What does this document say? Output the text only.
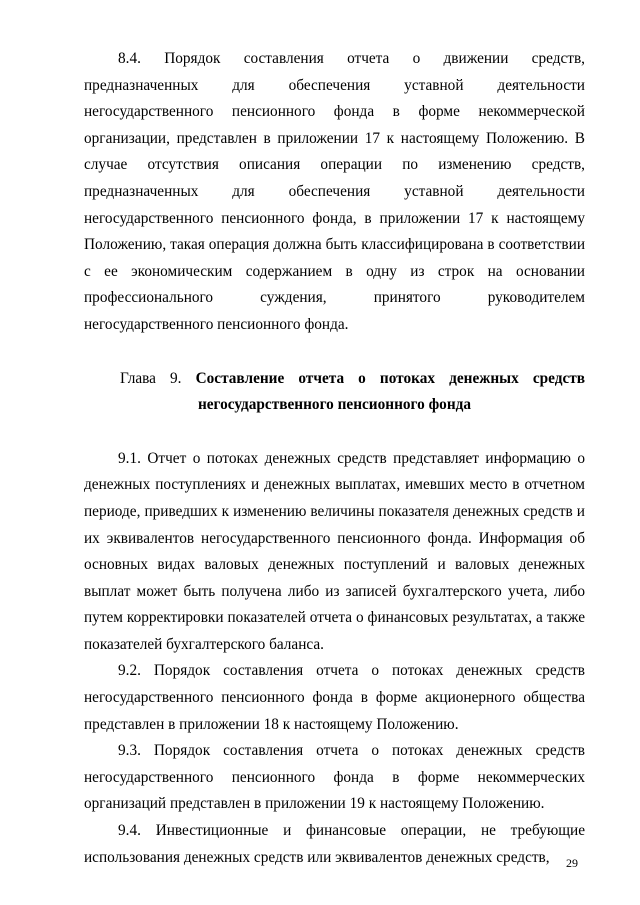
8.4. Порядок составления отчета о движении средств, предназначенных для обеспечения уставной деятельности негосударственного пенсионного фонда в форме некоммерческой организации, представлен в приложении 17 к настоящему Положению. В случае отсутствия описания операции по изменению средств, предназначенных для обеспечения уставной деятельности негосударственного пенсионного фонда, в приложении 17 к настоящему Положению, такая операция должна быть классифицирована в соответствии с ее экономическим содержанием в одну из строк на основании профессионального суждения, принятого руководителем негосударственного пенсионного фонда.

Глава 9. Составление отчета о потоках денежных средств
негосударственного пенсионного фонда

9.1. Отчет о потоках денежных средств представляет информацию о денежных поступлениях и денежных выплатах, имевших место в отчетном периоде, приведших к изменению величины показателя денежных средств и их эквивалентов негосударственного пенсионного фонда. Информация об основных видах валовых денежных поступлений и валовых денежных выплат может быть получена либо из записей бухгалтерского учета, либо путем корректировки показателей отчета о финансовых результатах, а также показателей бухгалтерского баланса.

9.2. Порядок составления отчета о потоках денежных средств негосударственного пенсионного фонда в форме акционерного общества представлен в приложении 18 к настоящему Положению.

9.3. Порядок составления отчета о потоках денежных средств негосударственного пенсионного фонда в форме некоммерческих организаций представлен в приложении 19 к настоящему Положению.

9.4. Инвестиционные и финансовые операции, не требующие использования денежных средств или эквивалентов денежных средств,	29
